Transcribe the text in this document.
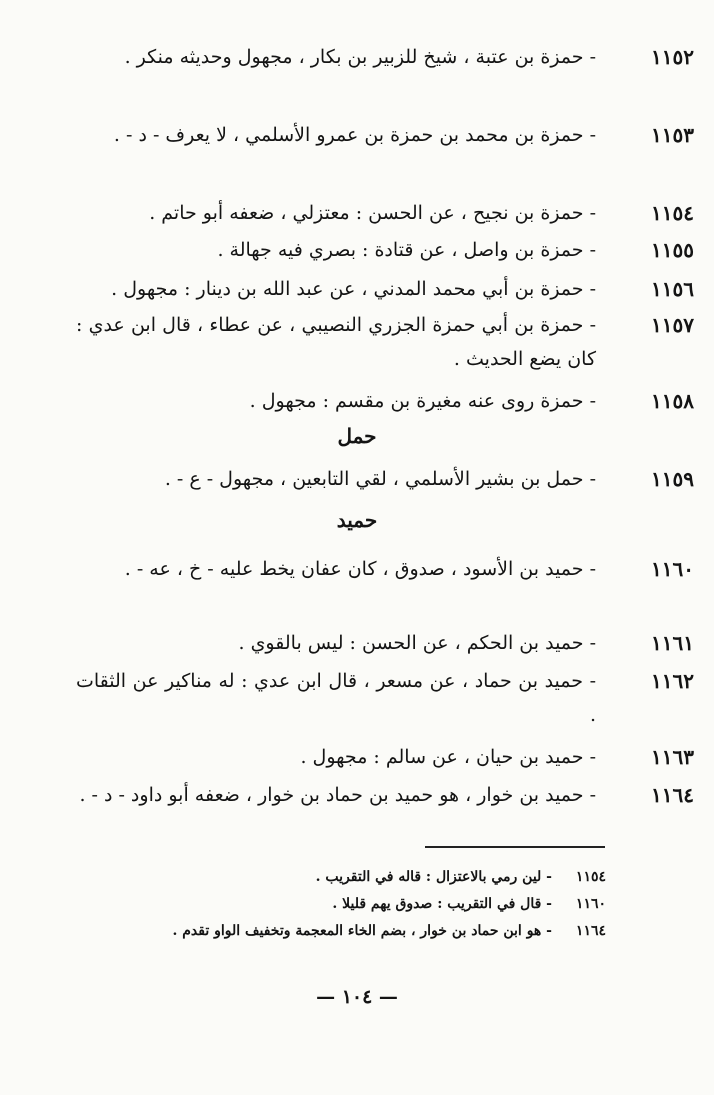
١١٥٢
- حمزة بن عتبة ، شيخ للزبير بن بكار ، مجهول وحديثه منكر .
١١٥٣
- حمزة بن محمد بن حمزة بن عمرو الأسلمي ، لا يعرف - د - .
١١٥٤
- حمزة بن نجيح ، عن الحسن : معتزلي ، ضعفه أبو حاتم .
١١٥٥
- حمزة بن واصل ، عن قتادة : بصري فيه جهالة .
١١٥٦
- حمزة بن أبي محمد المدني ، عن عبد الله بن دينار : مجهول .
١١٥٧
- حمزة بن أبي حمزة الجزري النصيبي ، عن عطاء ، قال ابن عدي : كان يضع الحديث .
١١٥٨
- حمزة روى عنه مغيرة بن مقسم : مجهول .
حمل
١١٥٩
- حمل بن بشير الأسلمي ، لقي التابعين ، مجهول - ع - .
حميد
١١٦٠
- حميد بن الأسود ، صدوق ، كان عفان يخط عليه - خ ، عه - .
١١٦١
- حميد بن الحكم ، عن الحسن : ليس بالقوي .
١١٦٢
- حميد بن حماد ، عن مسعر ، قال ابن عدي : له مناكير عن الثقات .
١١٦٣
- حميد بن حيان ، عن سالم : مجهول .
١١٦٤
- حميد بن خوار ، هو حميد بن حماد بن خوار ، ضعفه أبو داود - د - .
١١٥٤- لين رمي بالاعتزال : قاله في التقريب .
١١٦٠- قال في التقريب : صدوق يهم قليلا .
١١٦٤- هو ابن حماد بن خوار ، بضم الخاء المعجمة وتخفيف الواو تقدم .
— ١٠٤ —
